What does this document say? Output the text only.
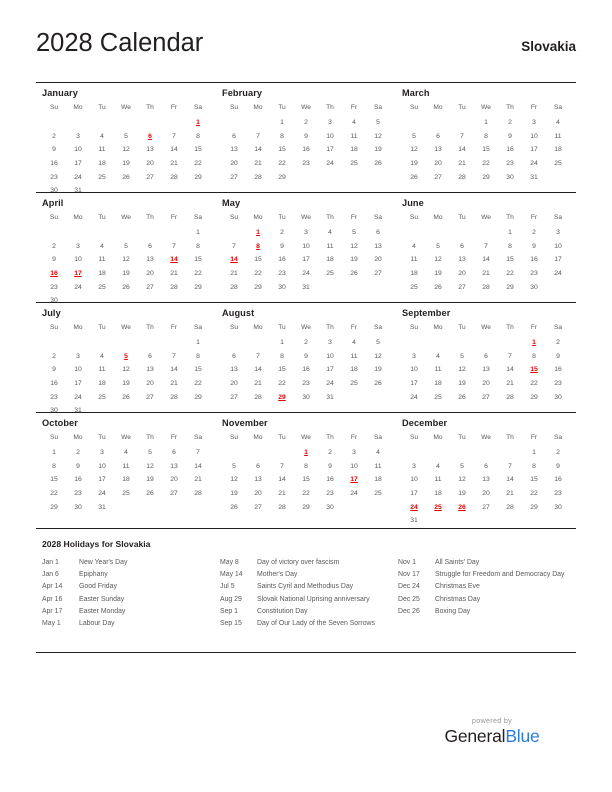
2028 Calendar	Slovakia
January
Su	Mo	Tu	We	Th	Fr	Sa
						1
2	3	4	5	6	7	8
9	10	11	12	13	14	15
16	17	18	19	20	21	22
23	24	25	26	27	28	29
30	31					
February
Su	Mo	Tu	We	Th	Fr	Sa
		1	2	3	4	5
6	7	8	9	10	11	12
13	14	15	16	17	18	19
20	21	22	23	24	25	26
27	28	29				
March
Su	Mo	Tu	We	Th	Fr	Sa
			1	2	3	4
5	6	7	8	9	10	11
12	13	14	15	16	17	18
19	20	21	22	23	24	25
26	27	28	29	30	31	
April
Su	Mo	Tu	We	Th	Fr	Sa
						1
2	3	4	5	6	7	8
9	10	11	12	13	14	15
16	17	18	19	20	21	22
23	24	25	26	27	28	29
30						
May
Su	Mo	Tu	We	Th	Fr	Sa
	1	2	3	4	5	6
7	8	9	10	11	12	13
14	15	16	17	18	19	20
21	22	23	24	25	26	27
28	29	30	31			
June
Su	Mo	Tu	We	Th	Fr	Sa
				1	2	3
4	5	6	7	8	9	10
11	12	13	14	15	16	17
18	19	20	21	22	23	24
25	26	27	28	29	30	
July
Su	Mo	Tu	We	Th	Fr	Sa
						1
2	3	4	5	6	7	8
9	10	11	12	13	14	15
16	17	18	19	20	21	22
23	24	25	26	27	28	29
30	31					
August
Su	Mo	Tu	We	Th	Fr	Sa
		1	2	3	4	5
6	7	8	9	10	11	12
13	14	15	16	17	18	19
20	21	22	23	24	25	26
27	28	29	30	31		
September
Su	Mo	Tu	We	Th	Fr	Sa
					1	2
3	4	5	6	7	8	9
10	11	12	13	14	15	16
17	18	19	20	21	22	23
24	25	26	27	28	29	30
October
Su	Mo	Tu	We	Th	Fr	Sa
1	2	3	4	5	6	7
8	9	10	11	12	13	14
15	16	17	18	19	20	21
22	23	24	25	26	27	28
29	30	31				
November
Su	Mo	Tu	We	Th	Fr	Sa
			1	2	3	4
5	6	7	8	9	10	11
12	13	14	15	16	17	18
19	20	21	22	23	24	25
26	27	28	29	30		
December
Su	Mo	Tu	We	Th	Fr	Sa
					1	2
3	4	5	6	7	8	9
10	11	12	13	14	15	16
17	18	19	20	21	22	23
24	25	26	27	28	29	30
31						
2028 Holidays for Slovakia
Jan 1	New Year's Day
Jan 6	Epiphany
Apr 14	Good Friday
Apr 16	Easter Sunday
Apr 17	Easter Monday
May 1	Labour Day
May 8	Day of victory over fascism
May 14	Mother's Day
Jul 5	Saints Cyril and Methodius Day
Aug 29	Slovak National Uprising anniversary
Sep 1	Constitution Day
Sep 15	Day of Our Lady of the Seven Sorrows
Nov 1	All Saints' Day
Nov 17	Struggle for Freedom and Democracy Day
Dec 24	Christmas Eve
Dec 25	Christmas Day
Dec 26	Boxing Day
powered by
GeneralBlue
